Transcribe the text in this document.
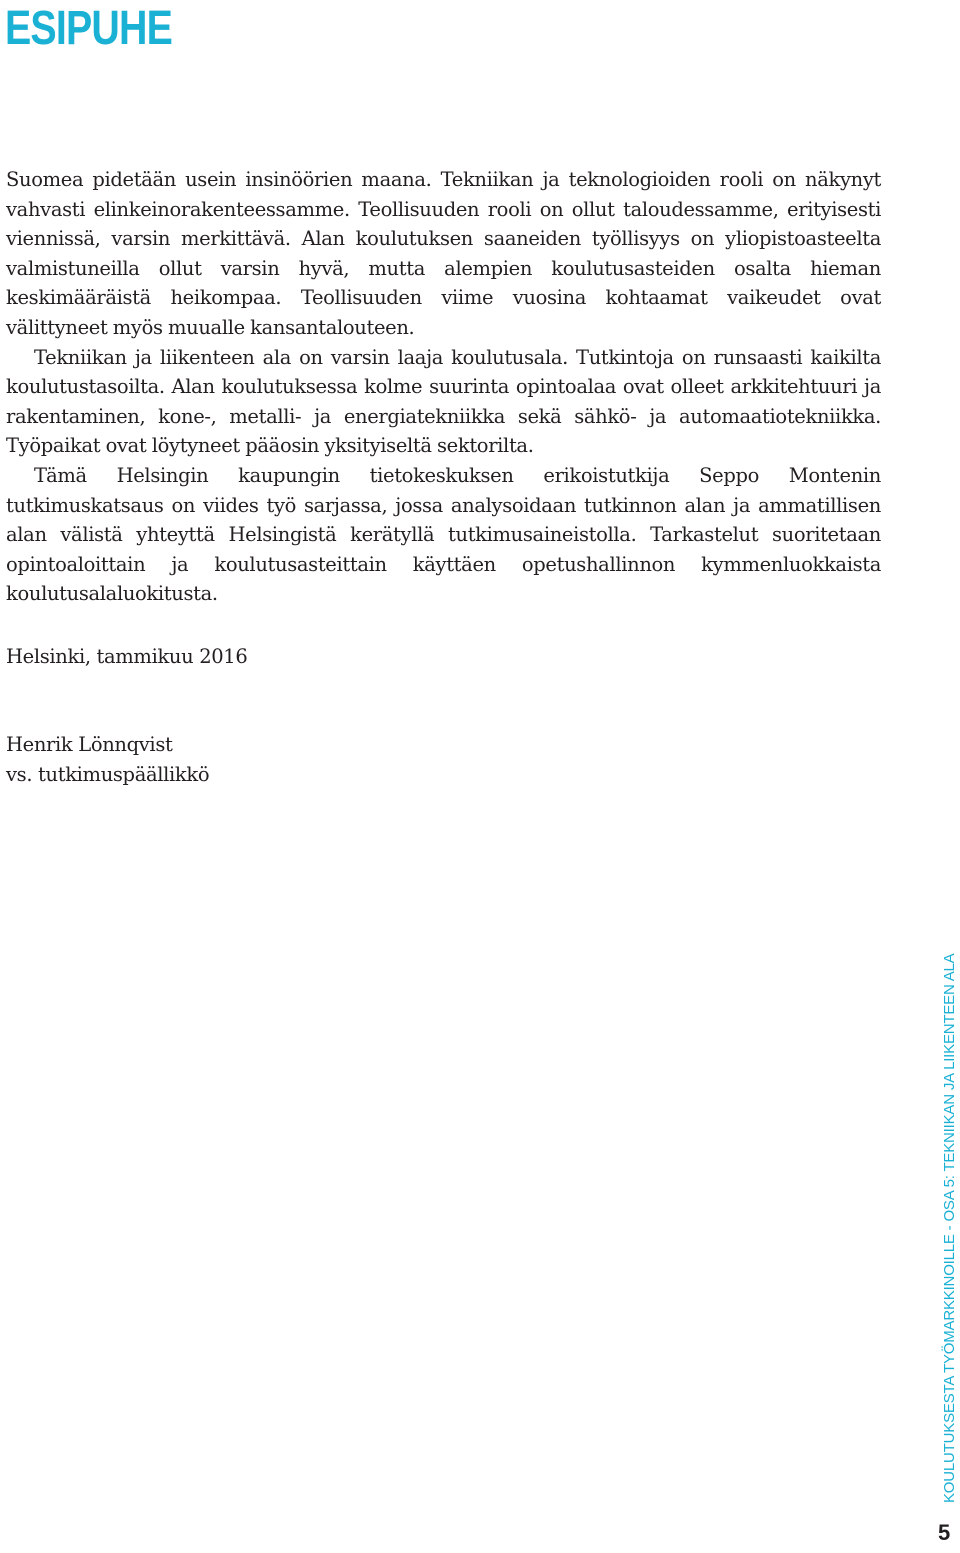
ESIPUHE

Suomea pidetään usein insinöörien maana. Tekniikan ja teknologioiden rooli on näkynyt vahvasti elinkeinorakenteessamme. Teollisuuden rooli on ollut taloudessamme, erityisesti viennissä, varsin merkittävä. Alan koulutuksen saaneiden työllisyys on yliopistoasteelta valmistuneilla ollut varsin hyvä, mutta alempien koulutusasteiden osalta hieman keskimääräistä heikompaa. Teollisuuden viime vuosina kohtaamat vaikeudet ovat välittyneet myös muualle kansantalouteen.

Tekniikan ja liikenteen ala on varsin laaja koulutusala. Tutkintoja on runsaasti kaikilta koulutustasoilta. Alan koulutuksessa kolme suurinta opintoalaa ovat olleet arkkitehtuuri ja rakentaminen, kone-, metalli- ja energiatekniikka sekä sähkö- ja automaatiotekniikka. Työpaikat ovat löytyneet pääosin yksityiseltä sektorilta.

Tämä Helsingin kaupungin tietokeskuksen erikoistutkija Seppo Montenin tutkimuskatsaus on viides työ sarjassa, jossa analysoidaan tutkinnon alan ja ammatillisen alan välistä yhteyttä Helsingistä kerätyllä tutkimusaineistolla. Tarkastelut suoritetaan opintoaloittain ja koulutusasteittain käyttäen opetushallinnon kymmenluokkaista koulutusalaluokitusta.

Helsinki, tammikuu 2016
Henrik Lönnqvist
vs. tutkimuspäällikkö
KOULUTUKSESTA TYÖMARKKINOILLE - OSA 5: TEKNIIKAN JA LIIKENTEEN ALA
5
